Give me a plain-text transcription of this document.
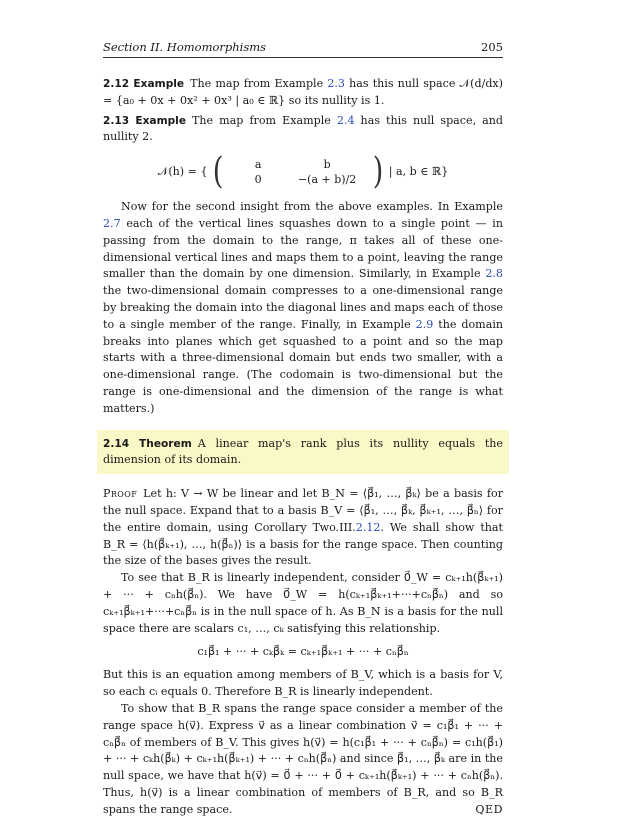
Section II. Homomorphisms	205

2.12 Example The map from Example 2.3 has this null space 𝒩(d/dx) = {a₀ + 0x + 0x² + 0x³ | a₀ ∈ ℝ} so its nullity is 1.

2.13 Example The map from Example 2.4 has this null space, and nullity 2.

𝒩(h) = { (	a	b
0	−(a + b)/2 ) | a, b ∈ ℝ}

Now for the second insight from the above examples. In Example 2.7 each of the vertical lines squashes down to a single point — in passing from the domain to the range, π takes all of these one-dimensional vertical lines and maps them to a point, leaving the range smaller than the domain by one dimension. Similarly, in Example 2.8 the two-dimensional domain compresses to a one-dimensional range by breaking the domain into the diagonal lines and maps each of those to a single member of the range. Finally, in Example 2.9 the domain breaks into planes which get squashed to a point and so the map starts with a three-dimensional domain but ends two smaller, with a one-dimensional range. (The codomain is two-dimensional but the range is one-dimensional and the dimension of the range is what matters.)

2.14 Theorem A linear map's rank plus its nullity equals the dimension of its domain.

Proof Let h: V → W be linear and let B_N = ⟨β⃗₁, …, β⃗ₖ⟩ be a basis for the null space. Expand that to a basis B_V = ⟨β⃗₁, …, β⃗ₖ, β⃗ₖ₊₁, …, β⃗ₙ⟩ for the entire domain, using Corollary Two.III.2.12. We shall show that B_R = ⟨h(β⃗ₖ₊₁), …, h(β⃗ₙ)⟩ is a basis for the range space. Then counting the size of the bases gives the result.

To see that B_R is linearly independent, consider 0⃗_W = cₖ₊₁h(β⃗ₖ₊₁) + ··· + cₙh(β⃗ₙ). We have 0⃗_W = h(cₖ₊₁β⃗ₖ₊₁+···+cₙβ⃗ₙ) and so cₖ₊₁β⃗ₖ₊₁+···+cₙβ⃗ₙ is in the null space of h. As B_N is a basis for the null space there are scalars c₁, …, cₖ satisfying this relationship.

c₁β⃗₁ + ··· + cₖβ⃗ₖ = cₖ₊₁β⃗ₖ₊₁ + ··· + cₙβ⃗ₙ

But this is an equation among members of B_V, which is a basis for V, so each cᵢ equals 0. Therefore B_R is linearly independent.

To show that B_R spans the range space consider a member of the range space h(v⃗). Express v⃗ as a linear combination v⃗ = c₁β⃗₁ + ··· + cₙβ⃗ₙ of members of B_V. This gives h(v⃗) = h(c₁β⃗₁ + ··· + cₙβ⃗ₙ) = c₁h(β⃗₁) + ··· + cₖh(β⃗ₖ) + cₖ₊₁h(β⃗ₖ₊₁) + ··· + cₙh(β⃗ₙ) and since β⃗₁, …, β⃗ₖ are in the null space, we have that h(v⃗) = 0⃗ + ··· + 0⃗ + cₖ₊₁h(β⃗ₖ₊₁) + ··· + cₙh(β⃗ₙ). Thus, h(v⃗) is a linear combination of members of B_R, and so B_R spans the range space.	QED
